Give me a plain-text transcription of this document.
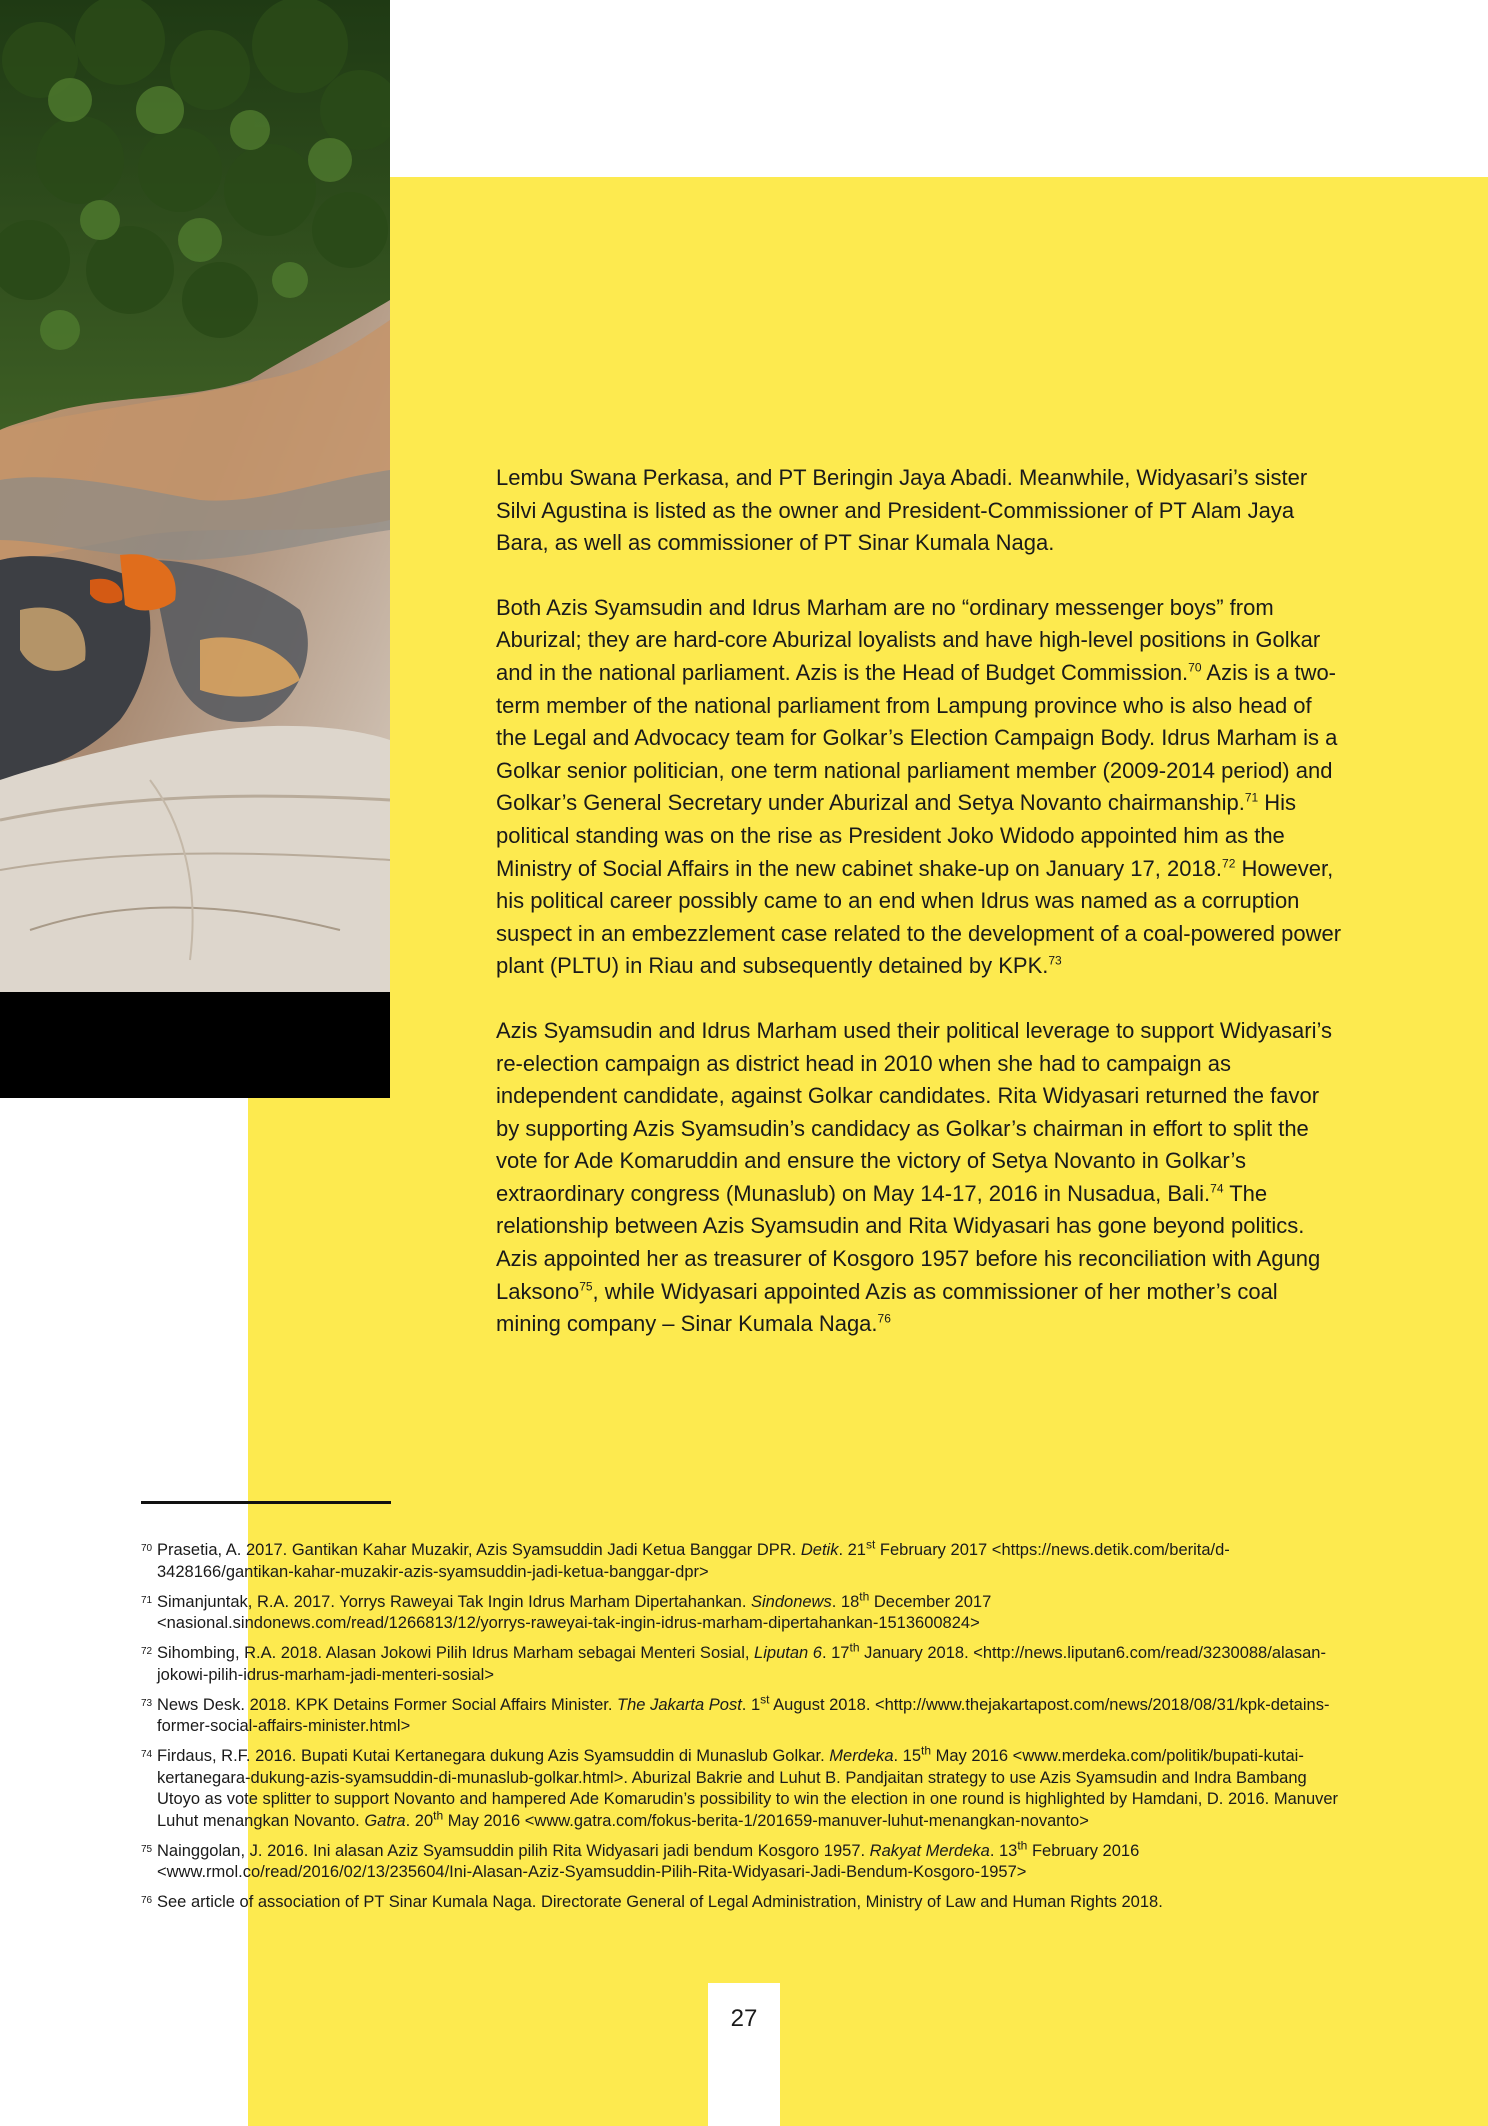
Lembu Swana Perkasa, and PT Beringin Jaya Abadi. Meanwhile, Widyasari’s sister Silvi Agustina is listed as the owner and President-Commissioner of PT Alam Jaya Bara, as well as commissioner of PT Sinar Kumala Naga.

Both Azis Syamsudin and Idrus Marham are no “ordinary messenger boys” from Aburizal; they are hard-core Aburizal loyalists and have high-level positions in Golkar and in the national parliament. Azis is the Head of Budget Commission.$^{70}$ Azis is a two-term member of the national parliament from Lampung province who is also head of the Legal and Advocacy team for Golkar’s Election Campaign Body. Idrus Marham is a Golkar senior politician, one term national parliament member (2009-2014 period) and Golkar’s General Secretary under Aburizal and Setya Novanto chairmanship.$^{71}$ His political standing was on the rise as President Joko Widodo appointed him as the Ministry of Social Affairs in the new cabinet shake-up on January 17, 2018.72 However, his political career possibly came to an end when Idrus was named as a corruption suspect in an embezzlement case related to the development of a coal-powered power plant (PLTU) in Riau and subsequently detained by KPK.$^{73}$

Azis Syamsudin and Idrus Marham used their political leverage to support Widyasari’s re-election campaign as district head in 2010 when she had to campaign as independent candidate, against Golkar candidates. Rita Widyasari returned the favor by supporting Azis Syamsudin’s candidacy as Golkar’s chairman in effort to split the vote for Ade Komaruddin and ensure the victory of Setya Novanto in Golkar’s extraordinary congress (Munaslub) on May 14-17, 2016 in Nusadua, Bali.$^{74}$ The relationship between Azis Syamsudin and Rita Widyasari has gone beyond politics. Azis appointed her as treasurer of Kosgoro 1957 before his reconciliation with Agung Laksono$^{75}$, while Widyasari appointed Azis as commissioner of her mother’s coal mining company – Sinar Kumala Naga.$^{76}$

70 Prasetia, A. 2017. Gantikan Kahar Muzakir, Azis Syamsuddin Jadi Ketua Banggar DPR. Detik. 21st February 2017 <https://news.detik.com/berita/d-3428166/gantikan-kahar-muzakir-azis-syamsuddin-jadi-ketua-banggar-dpr>
71 Simanjuntak, R.A. 2017. Yorrys Raweyai Tak Ingin Idrus Marham Dipertahankan. Sindonews. 18th December 2017 <nasional.sindonews.com/read/1266813/12/yorrys-raweyai-tak-ingin-idrus-marham-dipertahankan-1513600824>
72 Sihombing, R.A. 2018. Alasan Jokowi Pilih Idrus Marham sebagai Menteri Sosial, Liputan 6. 17th January 2018. <http://news.liputan6.com/read/3230088/alasan-jokowi-pilih-idrus-marham-jadi-menteri-sosial>
73 News Desk. 2018. KPK Detains Former Social Affairs Minister. The Jakarta Post. 1st August 2018. <http://www.thejakartapost.com/news/2018/08/31/kpk-detains-former-social-affairs-minister.html>
74 Firdaus, R.F. 2016. Bupati Kutai Kertanegara dukung Azis Syamsuddin di Munaslub Golkar. Merdeka. 15th May 2016 <www.merdeka.com/politik/bupati-kutai-kertanegara-dukung-azis-syamsuddin-di-munaslub-golkar.html>. Aburizal Bakrie and Luhut B. Pandjaitan strategy to use Azis Syamsudin and Indra Bambang Utoyo as vote splitter to support Novanto and hampered Ade Komarudin’s possibility to win the election in one round is highlighted by Hamdani, D. 2016. Manuver Luhut menangkan Novanto. Gatra. 20th May 2016 <www.gatra.com/fokus-berita-1/201659-manuver-luhut-menangkan-novanto>
75 Nainggolan, J. 2016. Ini alasan Aziz Syamsuddin pilih Rita Widyasari jadi bendum Kosgoro 1957. Rakyat Merdeka. 13th February 2016 <www.rmol.co/read/2016/02/13/235604/Ini-Alasan-Aziz-Syamsuddin-Pilih-Rita-Widyasari-Jadi-Bendum-Kosgoro-1957>
76 See article of association of PT Sinar Kumala Naga. Directorate General of Legal Administration, Ministry of Law and Human Rights 2018.
27
